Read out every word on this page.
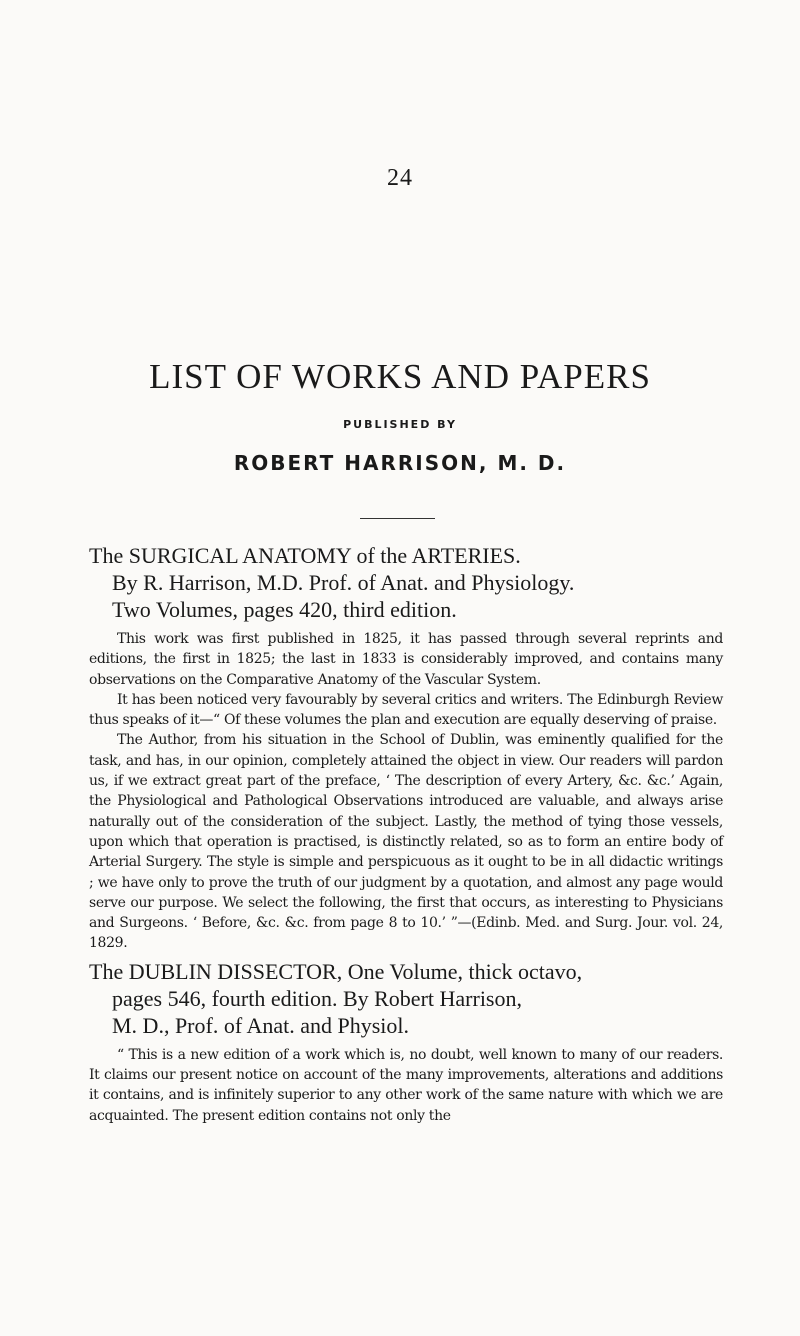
24
LIST OF WORKS AND PAPERS
PUBLISHED BY
ROBERT HARRISON, M. D.
The SURGICAL ANATOMY of the ARTERIES.
By R. Harrison, M.D. Prof. of Anat. and Physiology.
Two Volumes, pages 420, third edition.

This work was first published in 1825, it has passed through several reprints and editions, the first in 1825; the last in 1833 is considerably improved, and contains many observations on the Comparative Anatomy of the Vascular System.

It has been noticed very favourably by several critics and writers. The Edinburgh Review thus speaks of it—“ Of these volumes the plan and execution are equally deserving of praise.

The Author, from his situation in the School of Dublin, was eminently qualified for the task, and has, in our opinion, completely attained the object in view. Our readers will pardon us, if we extract great part of the preface, ‘ The description of every Artery, &c. &c.’ Again, the Physiological and Pathological Observations introduced are valuable, and always arise naturally out of the consideration of the subject. Lastly, the method of tying those vessels, upon which that operation is practised, is distinctly related, so as to form an entire body of Arterial Surgery. The style is simple and perspicuous as it ought to be in all didactic writings ; we have only to prove the truth of our judgment by a quotation, and almost any page would serve our purpose. We select the following, the first that occurs, as interesting to Physicians and Surgeons. ‘ Before, &c. &c. from page 8 to 10.’ ”—(Edinb. Med. and Surg. Jour. vol. 24, 1829.

The DUBLIN DISSECTOR, One Volume, thick octavo,
pages 546, fourth edition. By Robert Harrison,
M. D., Prof. of Anat. and Physiol.

“ This is a new edition of a work which is, no doubt, well known to many of our readers. It claims our present notice on account of the many improvements, alterations and additions it contains, and is infinitely superior to any other work of the same nature with which we are acquainted. The present edition contains not only the
